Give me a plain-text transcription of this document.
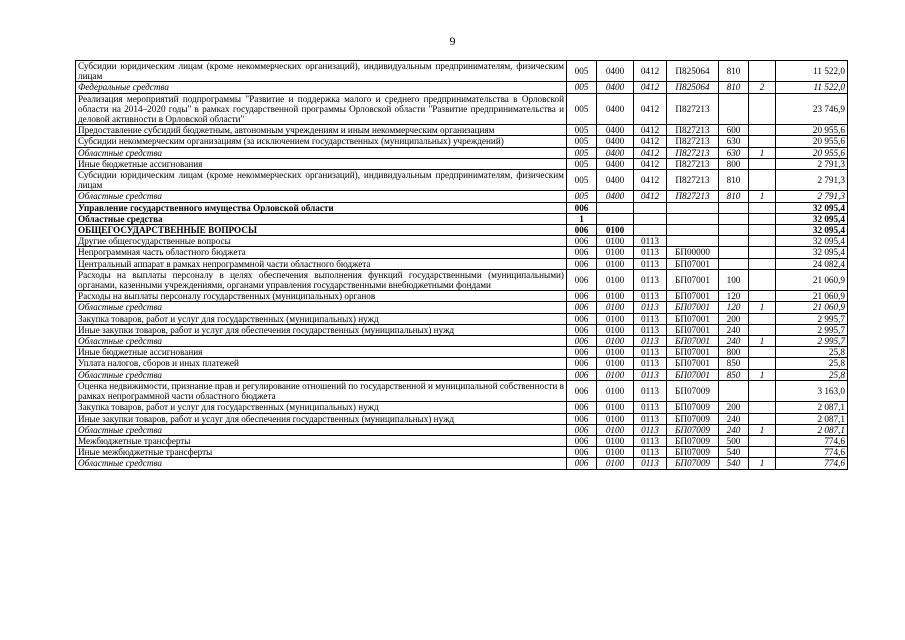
9
Субсидии юридическим лицам (кроме некоммерческих организаций), индивидуальным предпринимателям, физическим лицам	005	0400	0412	П825064	810		11 522,0
Федеральные средства	005	0400	0412	П825064	810	2	11 522,0
Реализация мероприятий подпрограммы "Развитие и поддержка малого и среднего предпринимательства в Орловской области на 2014–2020 годы" в рамках государственной программы Орловской области "Развитие предпринимательства и деловой активности в Орловской области"	005	0400	0412	П827213			23 746,9
Предоставление субсидий бюджетным, автономным учреждениям и иным некоммерческим организациям	005	0400	0412	П827213	600		20 955,6
Субсидии некоммерческим организациям (за исключением государственных (муниципальных) учреждений)	005	0400	0412	П827213	630		20 955,6
Областные средства	005	0400	0412	П827213	630	1	20 955,6
Иные бюджетные ассигнования	005	0400	0412	П827213	800		2 791,3
Субсидии юридическим лицам (кроме некоммерческих организаций), индивидуальным предпринимателям, физическим лицам	005	0400	0412	П827213	810		2 791,3
Областные средства	005	0400	0412	П827213	810	1	2 791,3
Управление государственного имущества Орловской области	006						32 095,4
Областные средства	1						32 095,4
ОБЩЕГОСУДАРСТВЕННЫЕ ВОПРОСЫ	006	0100					32 095,4
Другие общегосударственные вопросы	006	0100	0113				32 095,4
Непрограммная часть областного бюджета	006	0100	0113	БП00000			32 095,4
Центральный аппарат в рамках непрограммной части областного бюджета	006	0100	0113	БП07001			24 082,4
Расходы на выплаты персоналу в целях обеспечения выполнения функций государственными (муниципальными) органами, казенными учреждениями, органами управления государственными внебюджетными фондами	006	0100	0113	БП07001	100		21 060,9
Расходы на выплаты персоналу государственных (муниципальных) органов	006	0100	0113	БП07001	120		21 060,9
Областные средства	006	0100	0113	БП07001	120	1	21 060,9
Закупка товаров, работ и услуг для государственных (муниципальных) нужд	006	0100	0113	БП07001	200		2 995,7
Иные закупки товаров, работ и услуг для обеспечения государственных (муниципальных) нужд	006	0100	0113	БП07001	240		2 995,7
Областные средства	006	0100	0113	БП07001	240	1	2 995,7
Иные бюджетные ассигнования	006	0100	0113	БП07001	800		25,8
Уплата налогов, сборов и иных платежей	006	0100	0113	БП07001	850		25,8
Областные средства	006	0100	0113	БП07001	850	1	25,8
Оценка недвижимости, признание прав и регулирование отношений по государственной и муниципальной собственности в рамках непрограммной части областного бюджета	006	0100	0113	БП07009			3 163,0
Закупка товаров, работ и услуг для государственных (муниципальных) нужд	006	0100	0113	БП07009	200		2 087,1
Иные закупки товаров, работ и услуг для обеспечения государственных (муниципальных) нужд	006	0100	0113	БП07009	240		2 087,1
Областные средства	006	0100	0113	БП07009	240	1	2 087,1
Межбюджетные трансферты	006	0100	0113	БП07009	500		774,6
Иные межбюджетные трансферты	006	0100	0113	БП07009	540		774,6
Областные средства	006	0100	0113	БП07009	540	1	774,6
